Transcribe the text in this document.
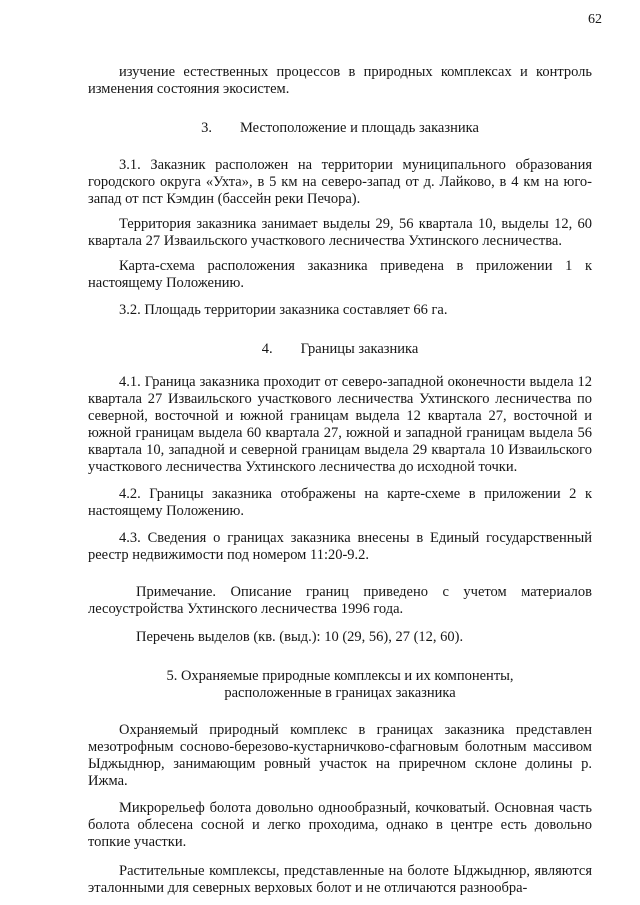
62

изучение естественных процессов в природных комплексах и контроль изменения состояния экосистем.

3. Местоположение и площадь заказника

3.1. Заказник расположен на территории муниципального образования городского округа «Ухта», в 5 км на северо-запад от д. Лайково, в 4 км на юго-запад от пст Кэмдин (бассейн реки Печора).

Территория заказника занимает выделы 29, 56 квартала 10, выделы 12, 60 квартала 27 Изваильского участкового лесничества Ухтинского лесничества.

Карта-схема расположения заказника приведена в приложении 1 к настоящему Положению.

3.2. Площадь территории заказника составляет 66 га.

4. Границы заказника

4.1. Граница заказника проходит от северо-западной оконечности выдела 12 квартала 27 Изваильского участкового лесничества Ухтинского лесничества по северной, восточной и южной границам выдела 12 квартала 27, восточной и южной границам выдела 60 квартала 27, южной и западной границам выдела 56 квартала 10, западной и северной границам выдела 29 квартала 10 Изваильского участкового лесничества Ухтинского лесничества до исходной точки.

4.2. Границы заказника отображены на карте-схеме в приложении 2 к настоящему Положению.

4.3. Сведения о границах заказника внесены в Единый государственный реестр недвижимости под номером 11:20-9.2.

Примечание. Описание границ приведено с учетом материалов лесоустройства Ухтинского лесничества 1996 года.

Перечень выделов (кв. (выд.): 10 (29, 56), 27 (12, 60).

5. Охраняемые природные комплексы и их компоненты,

расположенные в границах заказника

Охраняемый природный комплекс в границах заказника представлен мезотрофным сосново-березово-кустарничково-сфагновым болотным массивом Ыджыднюр, занимающим ровный участок на приречном склоне долины р. Ижма.

Микрорельеф болота довольно однообразный, кочковатый. Основная часть болота облесена сосной и легко проходима, однако в центре есть довольно топкие участки.

Растительные комплексы, представленные на болоте Ыджыднюр, являются эталонными для северных верховых болот и не отличаются разнообра-
